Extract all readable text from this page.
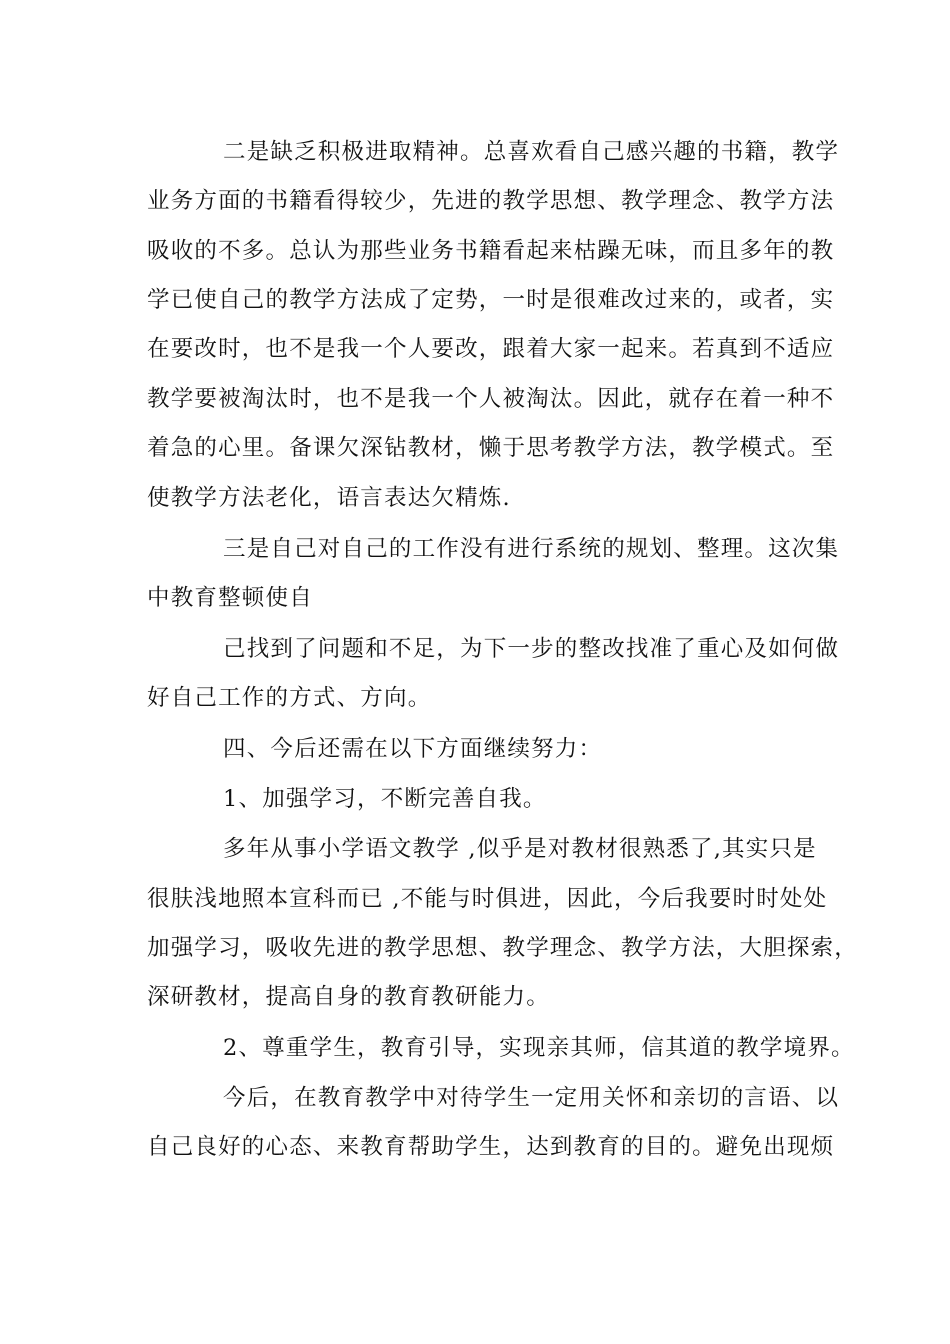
二是缺乏积极进取精神。总喜欢看自己感兴趣的书籍，教学

业务方面的书籍看得较少，先进的教学思想、教学理念、教学方法

吸收的不多。总认为那些业务书籍看起来枯躁无味，而且多年的教

学已使自己的教学方法成了定势，一时是很难改过来的，或者，实

在要改时，也不是我一个人要改，跟着大家一起来。若真到不适应

教学要被淘汰时，也不是我一个人被淘汰。因此，就存在着一种不

着急的心里。备课欠深钻教材，懒于思考教学方法，教学模式。至

使教学方法老化，语言表达欠精炼.

三是自己对自己的工作没有进行系统的规划、整理。这次集

中教育整顿使自

己找到了问题和不足，为下一步的整改找准了重心及如何做

好自己工作的方式、方向。

四、今后还需在以下方面继续努力：

1、加强学习，不断完善自我。

多年从事小学语文教学 ,似乎是对教材很熟悉了,其实只是

很肤浅地照本宣科而已 ,不能与时俱进，因此，今后我要时时处处

加强学习，吸收先进的教学思想、教学理念、教学方法，大胆探索，

深研教材，提高自身的教育教研能力。

2、尊重学生，教育引导，实现亲其师，信其道的教学境界。

今后，在教育教学中对待学生一定用关怀和亲切的言语、以

自己良好的心态、来教育帮助学生，达到教育的目的。避免出现烦
